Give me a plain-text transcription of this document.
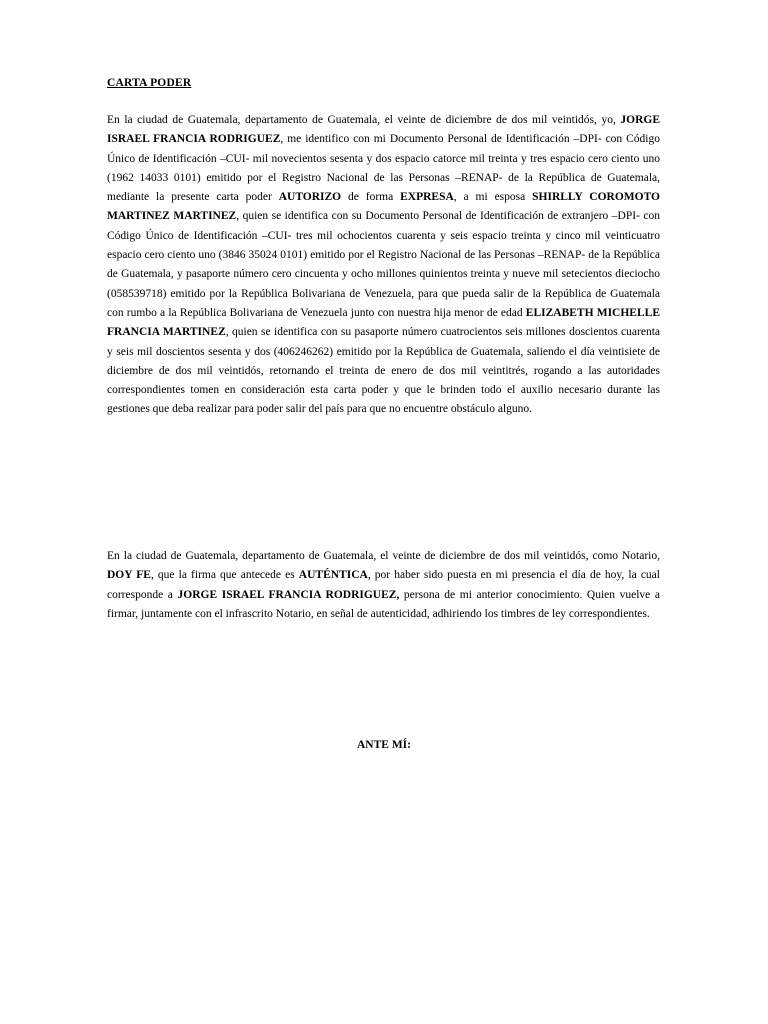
CARTA PODER

En la ciudad de Guatemala, departamento de Guatemala, el veinte de diciembre de dos mil veintidós, yo, JORGE ISRAEL FRANCIA RODRIGUEZ, me identifico con mi Documento Personal de Identificación –DPI- con Código Único de Identificación –CUI- mil novecientos sesenta y dos espacio catorce mil treinta y tres espacio cero ciento uno (1962 14033 0101) emitido por el Registro Nacional de las Personas –RENAP- de la República de Guatemala, mediante la presente carta poder AUTORIZO de forma EXPRESA, a mi esposa SHIRLLY COROMOTO MARTINEZ MARTINEZ, quien se identifica con su Documento Personal de Identificación de extranjero –DPI- con Código Único de Identificación –CUI- tres mil ochocientos cuarenta y seis espacio treinta y cinco mil veinticuatro espacio cero ciento uno (3846 35024 0101) emitido por el Registro Nacional de las Personas –RENAP- de la República de Guatemala, y pasaporte número cero cincuenta y ocho millones quinientos treinta y nueve mil setecientos dieciocho (058539718) emitido por la República Bolivariana de Venezuela, para que pueda salir de la República de Guatemala con rumbo a la República Bolivariana de Venezuela junto con nuestra hija menor de edad ELIZABETH MICHELLE FRANCIA MARTINEZ, quien se identifica con su pasaporte número cuatrocientos seis millones doscientos cuarenta y seis mil doscientos sesenta y dos (406246262) emitido por la República de Guatemala, saliendo el día veintisiete de diciembre de dos mil veintidós, retornando el treinta de enero de dos mil veintitrés, rogando a las autoridades correspondientes tomen en consideración esta carta poder y que le brinden todo el auxilio necesario durante las gestiones que deba realizar para poder salir del país para que no encuentre obstáculo alguno.

En la ciudad de Guatemala, departamento de Guatemala, el veinte de diciembre de dos mil veintidós, como Notario, DOY FE, que la firma que antecede es AUTÉNTICA, por haber sido puesta en mi presencia el día de hoy, la cual corresponde a JORGE ISRAEL FRANCIA RODRIGUEZ, persona de mi anterior conocimiento. Quien vuelve a firmar, juntamente con el infrascrito Notario, en señal de autenticidad, adhiriendo los timbres de ley correspondientes.

ANTE MÍ:
